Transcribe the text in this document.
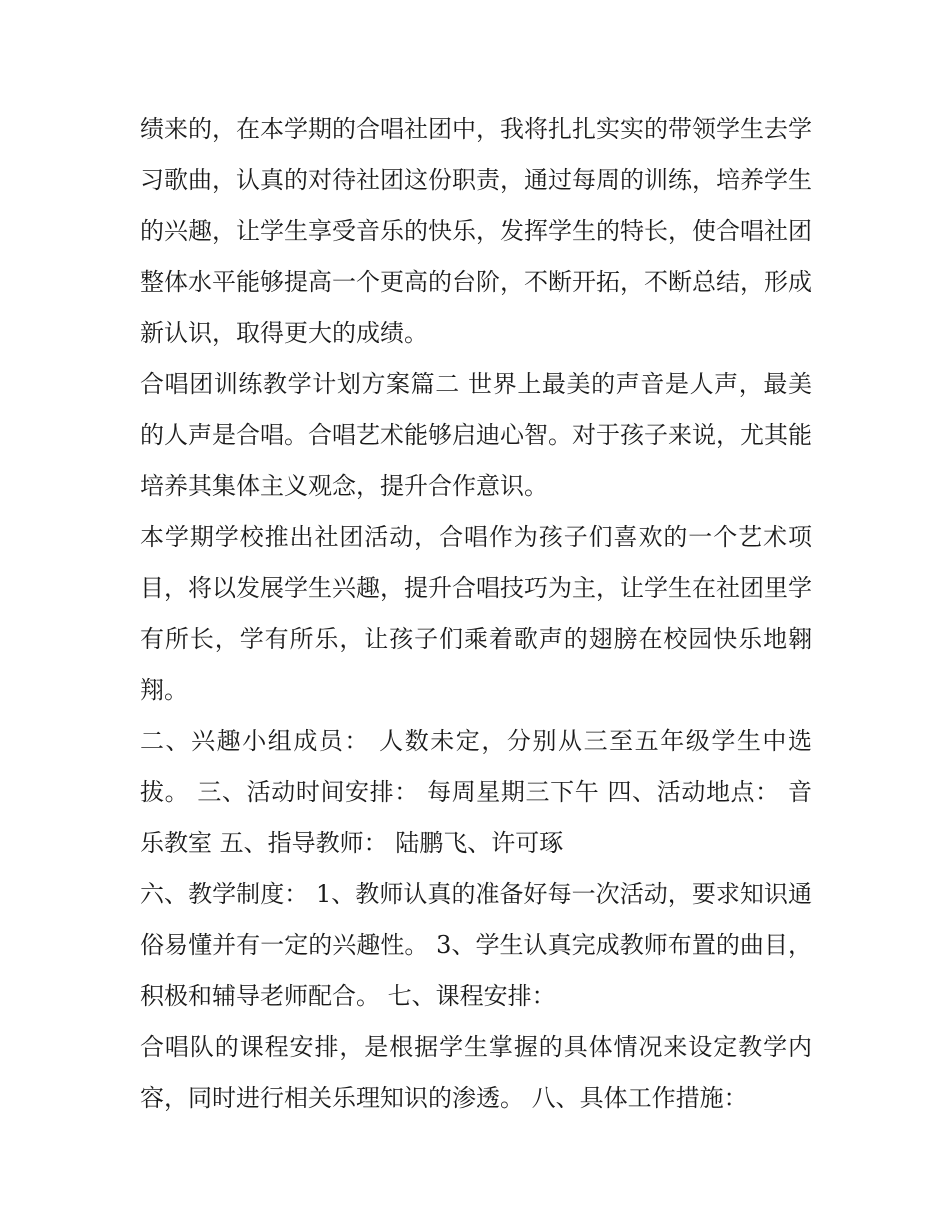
绩来的，在本学期的合唱社团中，我将扎扎实实的带领学生去学习歌曲，认真的对待社团这份职责，通过每周的训练，培养学生的兴趣，让学生享受音乐的快乐，发挥学生的特长，使合唱社团整体水平能够提高一个更高的台阶，不断开拓，不断总结，形成新认识，取得更大的成绩。

合唱团训练教学计划方案篇二 世界上最美的声音是人声，最美的人声是合唱。合唱艺术能够启迪心智。对于孩子来说，尤其能培养其集体主义观念，提升合作意识。

本学期学校推出社团活动，合唱作为孩子们喜欢的一个艺术项目，将以发展学生兴趣，提升合唱技巧为主，让学生在社团里学有所长，学有所乐，让孩子们乘着歌声的翅膀在校园快乐地翱翔。

二、兴趣小组成员： 人数未定，分别从三至五年级学生中选拔。 三、活动时间安排： 每周星期三下午 四、活动地点： 音乐教室 五、指导教师： 陆鹏飞、许可琢

六、教学制度： 1、教师认真的准备好每一次活动，要求知识通俗易懂并有一定的兴趣性。 3、学生认真完成教师布置的曲目，积极和辅导老师配合。 七、课程安排：

合唱队的课程安排，是根据学生掌握的具体情况来设定教学内容，同时进行相关乐理知识的渗透。 八、具体工作措施：
